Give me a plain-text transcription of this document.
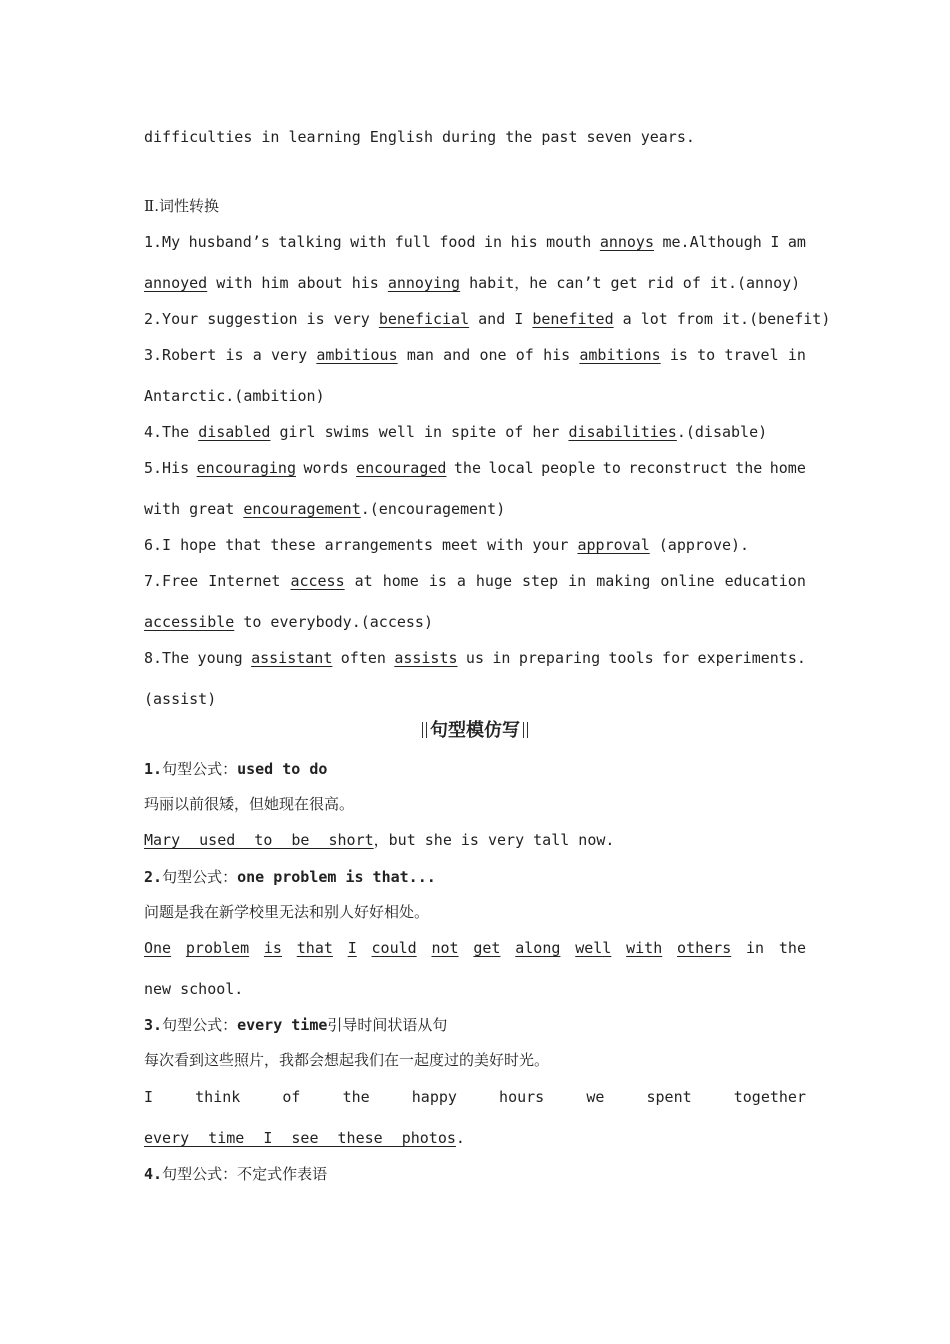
difficulties in learning English during the past seven years.
Ⅱ.词性转换
1.My husband’s talking with full food in his mouth annoys me.Although I am
annoyed with him about his annoying habit，he can’t get rid of it.(annoy)
2.Your suggestion is very beneficial and I benefited a lot from it.(benefit)
3.Robert is a very ambitious man and one of his ambitions is to travel in
Antarctic.(ambition)
4.The disabled girl swims well in spite of her disabilities.(disable)
5.His encouraging words encouraged the local people to reconstruct the home
with great encouragement.(encouragement)
6.I hope that these arrangements meet with your approval (approve).
7.Free Internet access at home is a huge step in making online education
accessible to everybody.(access)
8.The young assistant often assists us in preparing tools for experiments.
(assist)
句型模仿写
1.句型公式：used to do
玛丽以前很矮，但她现在很高。
Mary used to be short，but she is very tall now.
2.句型公式：one problem is that...
问题是我在新学校里无法和别人好好相处。
One problem is that I could not get along well with others in the
new school.
3.句型公式：every time引导时间状语从句
每次看到这些照片，我都会想起我们在一起度过的美好时光。
I	think	of	the	happy	hours	we	spent	together
every time I see these photos.
4.句型公式：不定式作表语
